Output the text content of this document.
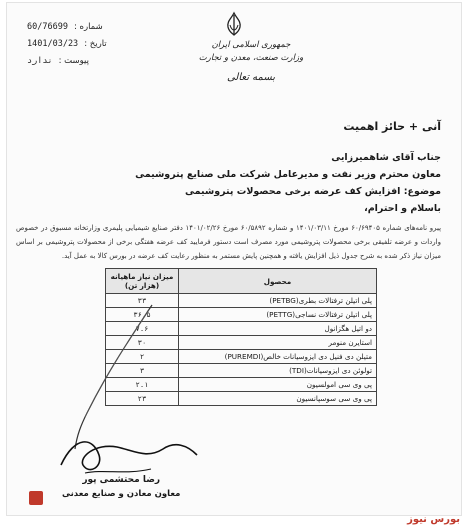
جمهوری اسلامی ایران
وزارت صنعت، معدن و تجارت
بسمه تعالی
شماره :
60/76699
تاریخ :
1401/03/23
پیوست :
ندارد
آنی + حائز اهمیت
جناب آقای شاهمیرزایی
معاون محترم وزیر نفت و مدیرعامل شرکت ملی صنایع پتروشیمی
موضوع: افزایش کف عرضه برخی محصولات پتروشیمی
باسلام و احترام،
پیرو نامه‌های شماره ۶۰/۶۹۴۰۵ مورخ ۱۴۰۱/۰۳/۱۱ و شماره ۶۰/۵۸۹۲ مورخ ۱۴۰۱/۰۲/۲۶ دفتر صنایع شیمیایی پلیمری وزارتخانه مسبوق در خصوص واردات و عرضه تلفیقی برخی محصولات پتروشیمی مورد مصرف است دستور فرمایید کف عرضه هفتگی برخی از محصولات پتروشیمی بر اساس میزان نیاز ذکر شده به شرح جدول ذیل افزایش یافته و همچنین پایش مستمر به منظور رعایت کف عرضه در بورس کالا به عمل آید.
محصول	میزان نیاز ماهیانه (هزار تن)
پلی اتیلن ترفتالات بطری(PETBG)	۳۳
پلی اتیلن ترفتالات نساجی(PETTG)	۳۶.۵
دو اتیل هگزانول	۷.۶
استایرن منومر	۳۰
متیلن دی فنیل دی ایزوسیانات خالص(PUREMDI)	۲
تولوئن دی ایزوسیانات(TDI)	۳
پی وی سی امولسیون	۲.۱
پی وی سی سوسپانسیون	۲۳
رضا محتشمی پور
معاون معادن و صنایع معدنی
بورس نیوز
